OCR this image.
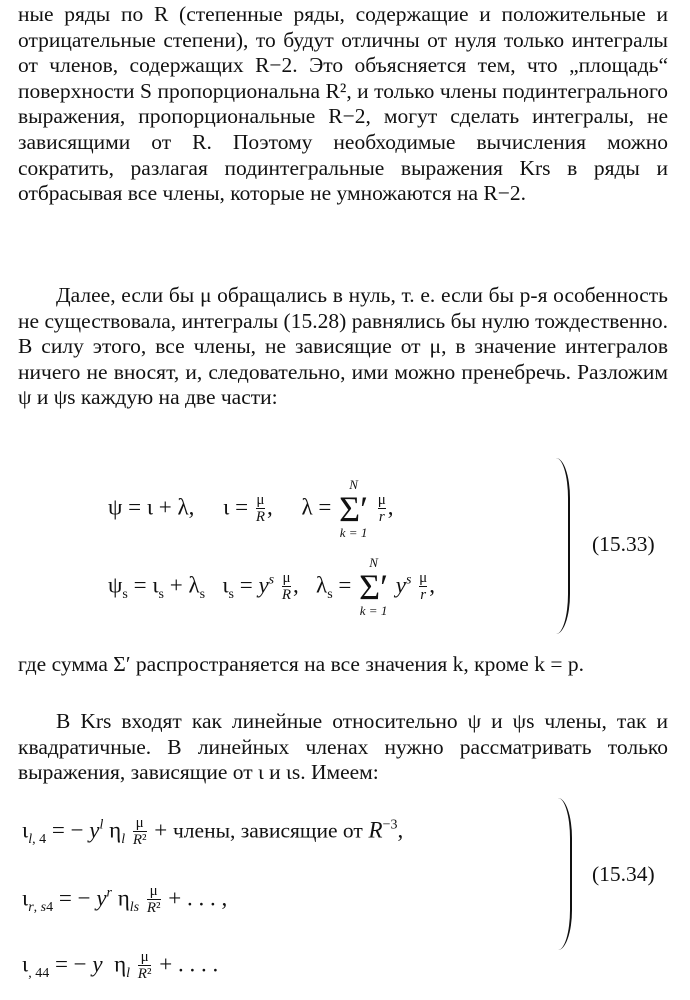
ные ряды по R (степенные ряды, содержащие и положительные и отрицательные степени), то будут отличны от нуля только интегралы от членов, содержащих R−2. Это объясняется тем, что „площадь“ поверхности S пропорциональна R², и только члены подинтегрального выражения, пропорциональные R−2, могут сделать интегралы, не зависящими от R. Поэтому необходимые вычисления можно сократить, разлагая подинтегральные выражения Krs в ряды и отбрасывая все члены, которые не умножаются на R−2.

Далее, если бы μ обращались в нуль, т. е. если бы p-я особенность не существовала, интегралы (15.28) равнялись бы нулю тождественно. В силу этого, все члены, не зависящие от μ, в значение интегралов ничего не вносят, и, следовательно, ими можно пренебречь. Разложим ψ и ψs каждую на две части:

ψ = ι + λ,     $\iota = \frac{\mu}{R}$ ,     λ =
N
Σ′
k = 1

$\frac{\mu}{r}$ ,
$\psi_s = \iota_s + \lambda_s$   $\iota_s = y^s \frac{\mu}{R}$ ,   $\lambda_s$ =
N
Σ′
k = 1
$y^s \frac{\mu}{r}$ ,
(15.33)

где сумма Σ′ распространяется на все значения k, кроме k = p.

В Krs входят как линейные относительно ψ и ψs члены, так и квадратичные. В линейных членах нужно рассматривать только выражения, зависящие от ι и ιs. Имеем:

$\iota_{l, 4}$ = − $y^l$ $\eta_l \frac{\mu}{\text{R²}}$ + члены, зависящие от $R^{-3}$,
$\iota_{r, s4}$ = − $y^r$ $\eta_{ls} \frac{\mu}{\text{R²}}$ + . . . ,
$\iota_{, 44}$ = − y  $\eta_l \frac{\mu}{\text{R²}}$ + . . . .
(15.34)
